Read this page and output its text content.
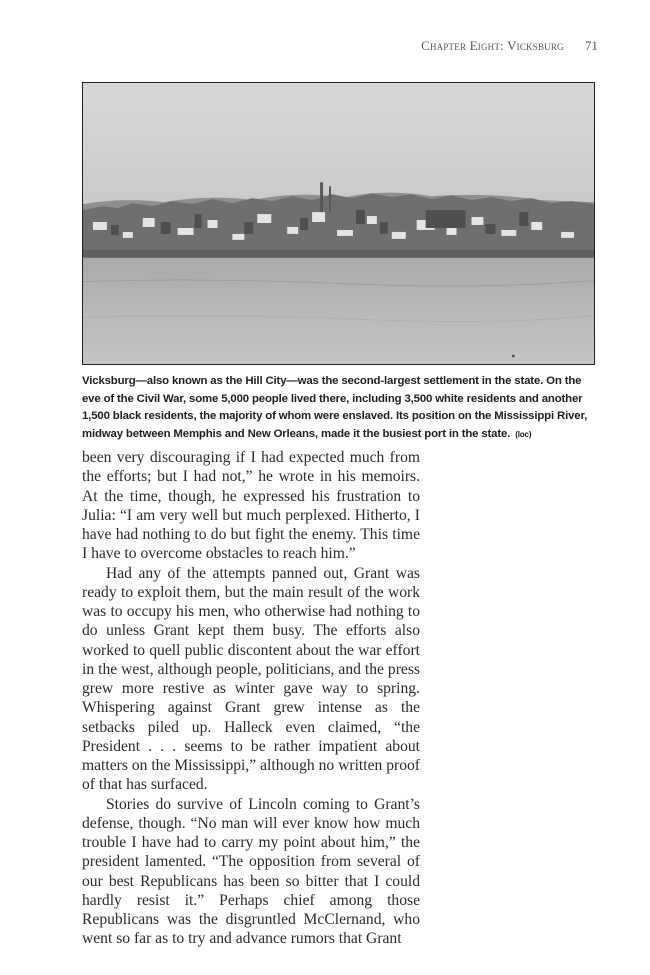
Chapter Eight: Vicksburg 71
Vicksburg—also known as the Hill City—was the second-largest settlement in the state. On the eve of the Civil War, some 5,000 people lived there, including 3,500 white residents and another 1,500 black residents, the majority of whom were enslaved. Its position on the Mississippi River, midway between Memphis and New Orleans, made it the busiest port in the state. (loc)

been very discouraging if I had expected much from the efforts; but I had not,” he wrote in his memoirs. At the time, though, he expressed his frustration to Julia: “I am very well but much perplexed. Hitherto, I have had nothing to do but fight the enemy. This time I have to overcome obstacles to reach him.”

Had any of the attempts panned out, Grant was ready to exploit them, but the main result of the work was to occupy his men, who otherwise had nothing to do unless Grant kept them busy. The efforts also worked to quell public discontent about the war effort in the west, although people, politicians, and the press grew more restive as winter gave way to spring. Whispering against Grant grew intense as the setbacks piled up. Halleck even claimed, “the President . . . seems to be rather impatient about matters on the Mississippi,” although no written proof of that has surfaced.

Stories do survive of Lincoln coming to Grant’s defense, though. “No man will ever know how much trouble I have had to carry my point about him,” the president lamented. “The opposition from several of our best Republicans has been so bitter that I could hardly resist it.” Perhaps chief among those Republicans was the disgruntled McClernand, who went so far as to try and advance rumors that Grant
